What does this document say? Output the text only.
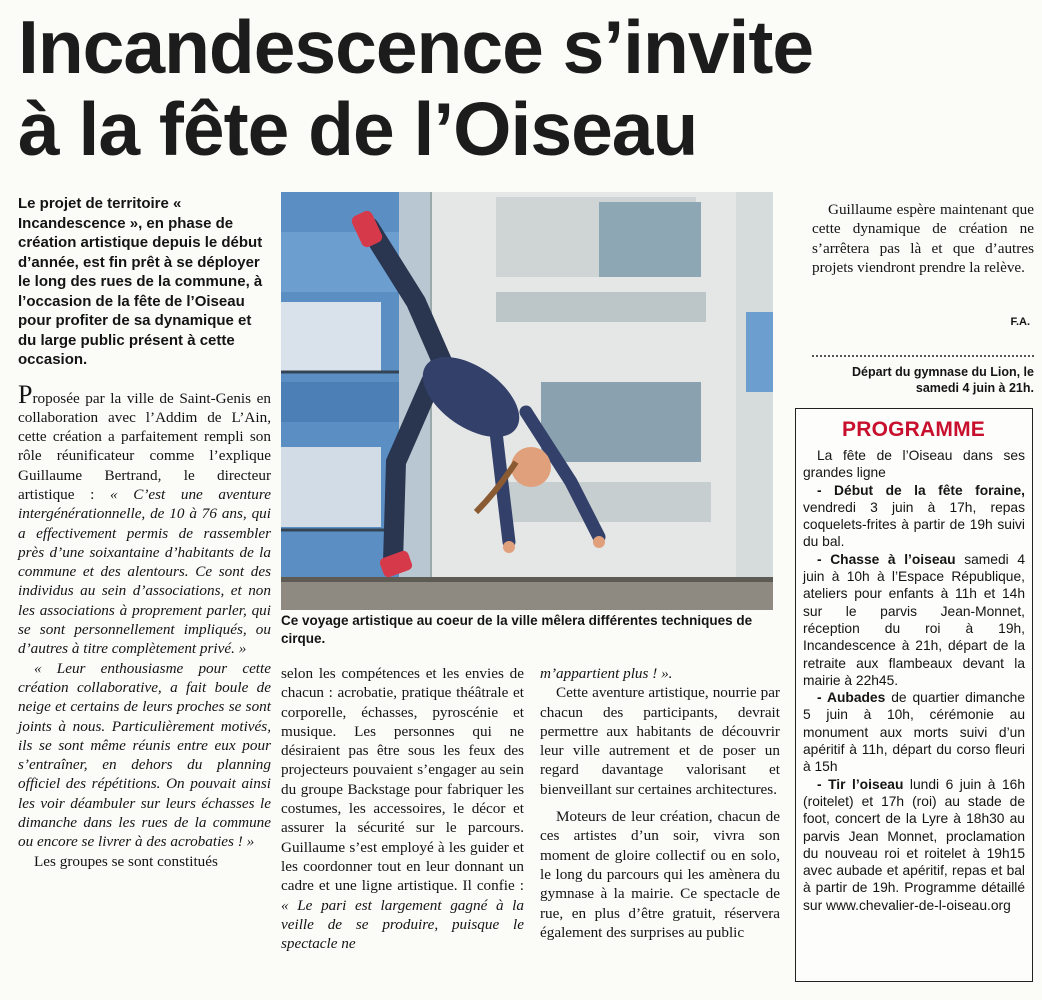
Incandescence s’invite
à la fête de l’Oiseau

Le projet de territoire « Incandescence », en phase de création artistique depuis le début d’année, est fin prêt à se déployer le long des rues de la commune, à l’occasion de la fête de l’Oiseau pour profiter de sa dynamique et du large public présent à cette occasion.

Proposée par la ville de Saint-Genis en collaboration avec l’Addim de L’Ain, cette création a parfaitement rempli son rôle réunificateur comme l’explique Guillaume Bertrand, le directeur artistique : « C’est une aventure intergénérationnelle, de 10 à 76 ans, qui a effectivement permis de rassembler près d’une soixantaine d’habitants de la commune et des alentours. Ce sont des individus au sein d’associations, et non les associations à proprement parler, qui se sont personnellement impliqués, ou d’autres à titre complètement privé. »

« Leur enthousiasme pour cette création collaborative, a fait boule de neige et certains de leurs proches se sont joints à nous. Particulièrement motivés, ils se sont même réunis entre eux pour s’entraîner, en dehors du planning officiel des répétitions. On pouvait ainsi les voir déambuler sur leurs échasses le dimanche dans les rues de la commune ou encore se livrer à des acrobaties ! »

Les groupes se sont constitués

Ce voyage artistique au coeur de la ville mêlera différentes techniques de cirque.

selon les compétences et les envies de chacun : acrobatie, pratique théâtrale et corporelle, échasses, pyroscénie et musique. Les personnes qui ne désiraient pas être sous les feux des projecteurs pouvaient s’engager au sein du groupe Backstage pour fabriquer les costumes, les accessoires, le décor et assurer la sécurité sur le parcours. Guillaume s’est employé à les guider et les coordonner tout en leur donnant un cadre et une ligne artistique. Il confie : « Le pari est largement gagné à la veille de se produire, puisque le spectacle ne

m’appartient plus ! ».

Cette aventure artistique, nourrie par chacun des participants, devrait permettre aux habitants de découvrir leur ville autrement et de poser un regard davantage valorisant et bienveillant sur certaines architectures.

Moteurs de leur création, chacun de ces artistes d’un soir, vivra son moment de gloire collectif ou en solo, le long du parcours qui les amènera du gymnase à la mairie. Ce spectacle de rue, en plus d’être gratuit, réservera également des surprises au public

Guillaume espère maintenant que cette dynamique de création ne s’arrêtera pas là et que d’autres projets viendront prendre la relève.

F.A.
Départ du gymnase du Lion, le samedi 4 juin à 21h.
PROGRAMME

La fête de l’Oiseau dans ses grandes ligne

- Début de la fête foraine, vendredi 3 juin à 17h, repas coquelets-frites à partir de 19h suivi du bal.

- Chasse à l’oiseau samedi 4 juin à 10h à l’Espace République, ateliers pour enfants à 11h et 14h sur le parvis Jean-Monnet, réception du roi à 19h, Incandescence à 21h, départ de la retraite aux flambeaux devant la mairie à 22h45.

- Aubades de quartier dimanche 5 juin à 10h, cérémonie au monument aux morts suivi d’un apéritif à 11h, départ du corso fleuri à 15h

- Tir l’oiseau lundi 6 juin à 16h (roitelet) et 17h (roi) au stade de foot, concert de la Lyre à 18h30 au parvis Jean Monnet, proclamation du nouveau roi et roitelet à 19h15 avec aubade et apéritif, repas et bal à partir de 19h. Programme détaillé sur www.chevalier-de-l-oiseau.org
